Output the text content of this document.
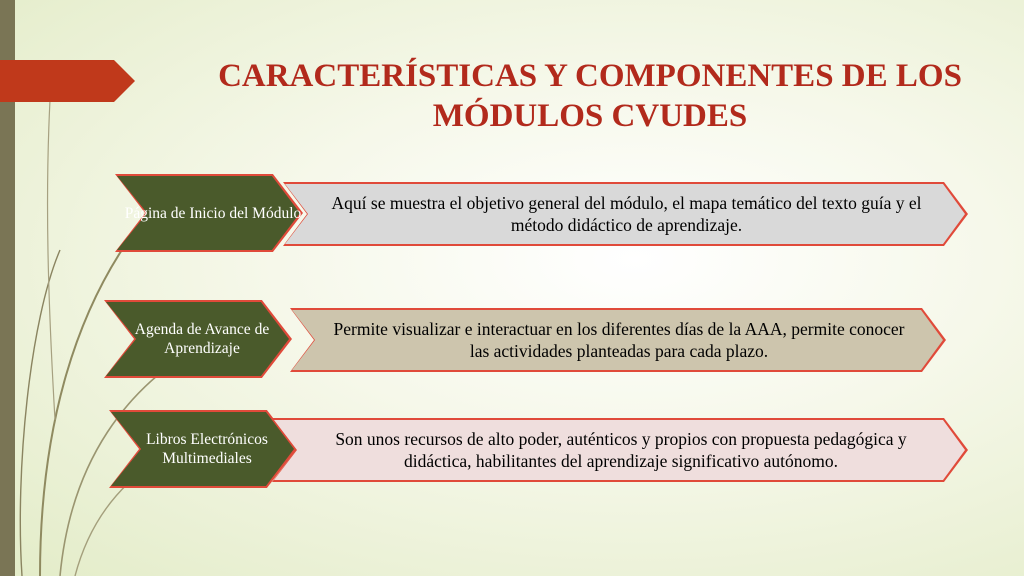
CARACTERÍSTICAS Y COMPONENTES DE LOS MÓDULOS CVUDES
Página de Inicio del Módulo	Aquí se muestra el objetivo general del módulo, el mapa temático del texto guía y el método didáctico de aprendizaje.
Agenda de Avance de Aprendizaje
Permite visualizar e interactuar en los diferentes días de la AAA, permite conocer las actividades planteadas para cada plazo.
Libros Electrónicos Multimediales
Son unos recursos de alto poder, auténticos y propios con propuesta pedagógica y didáctica, habilitantes del aprendizaje significativo autónomo.
